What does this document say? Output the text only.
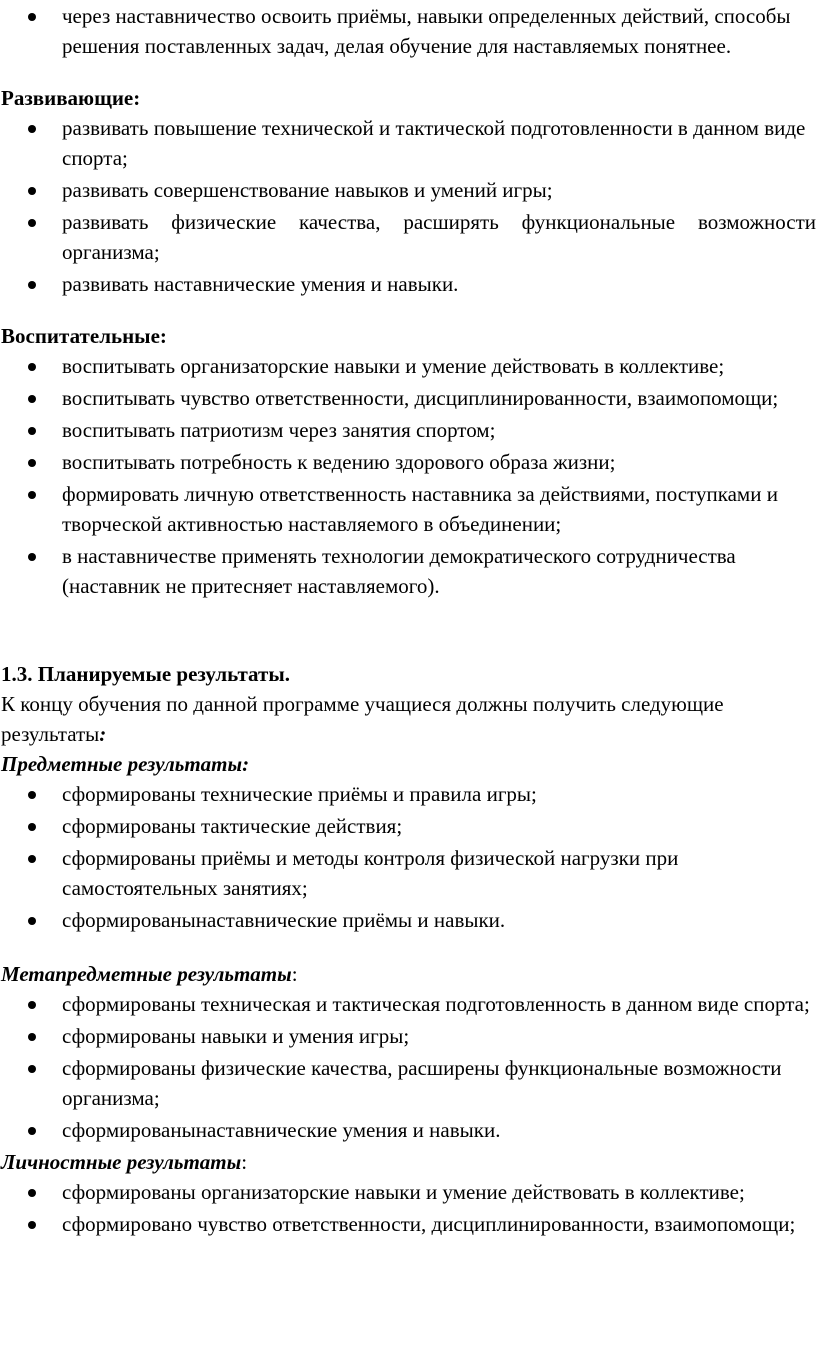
через наставничество освоить приёмы, навыки определенных действий, способы решения поставленных задач, делая обучение для наставляемых понятнее.

Развивающие:

развивать повышение технической и тактической подготовленности в данном виде спорта;
развивать совершенствование навыков и умений игры;
развивать физические качества, расширять функциональные возможности организма;
развивать наставнические умения и навыки.

Воспитательные:

воспитывать организаторские навыки и умение действовать в коллективе;
воспитывать чувство ответственности, дисциплинированности, взаимопомощи;
воспитывать патриотизм через занятия спортом;
воспитывать потребность к ведению здорового образа жизни;
формировать личную ответственность наставника за действиями, поступками и творческой активностью наставляемого в объединении;
в наставничестве применять технологии демократического сотрудничества (наставник не притесняет наставляемого).

1.3. Планируемые результаты.

К концу обучения по данной программе учащиеся должны получить следующие результаты:

Предметные результаты:

сформированы технические приёмы и правила игры;
сформированы тактические действия;
сформированы приёмы и методы контроля физической нагрузки при самостоятельных занятиях;
сформированынаставнические приёмы и навыки.

Метапредметные результаты:

сформированы техническая и тактическая подготовленность в данном виде спорта;
сформированы навыки и умения игры;
сформированы физические качества, расширены функциональные возможности организма;
сформированынаставнические умения и навыки.

Личностные результаты:

сформированы организаторские навыки и умение действовать в коллективе;
сформировано чувство ответственности, дисциплинированности, взаимопомощи;
